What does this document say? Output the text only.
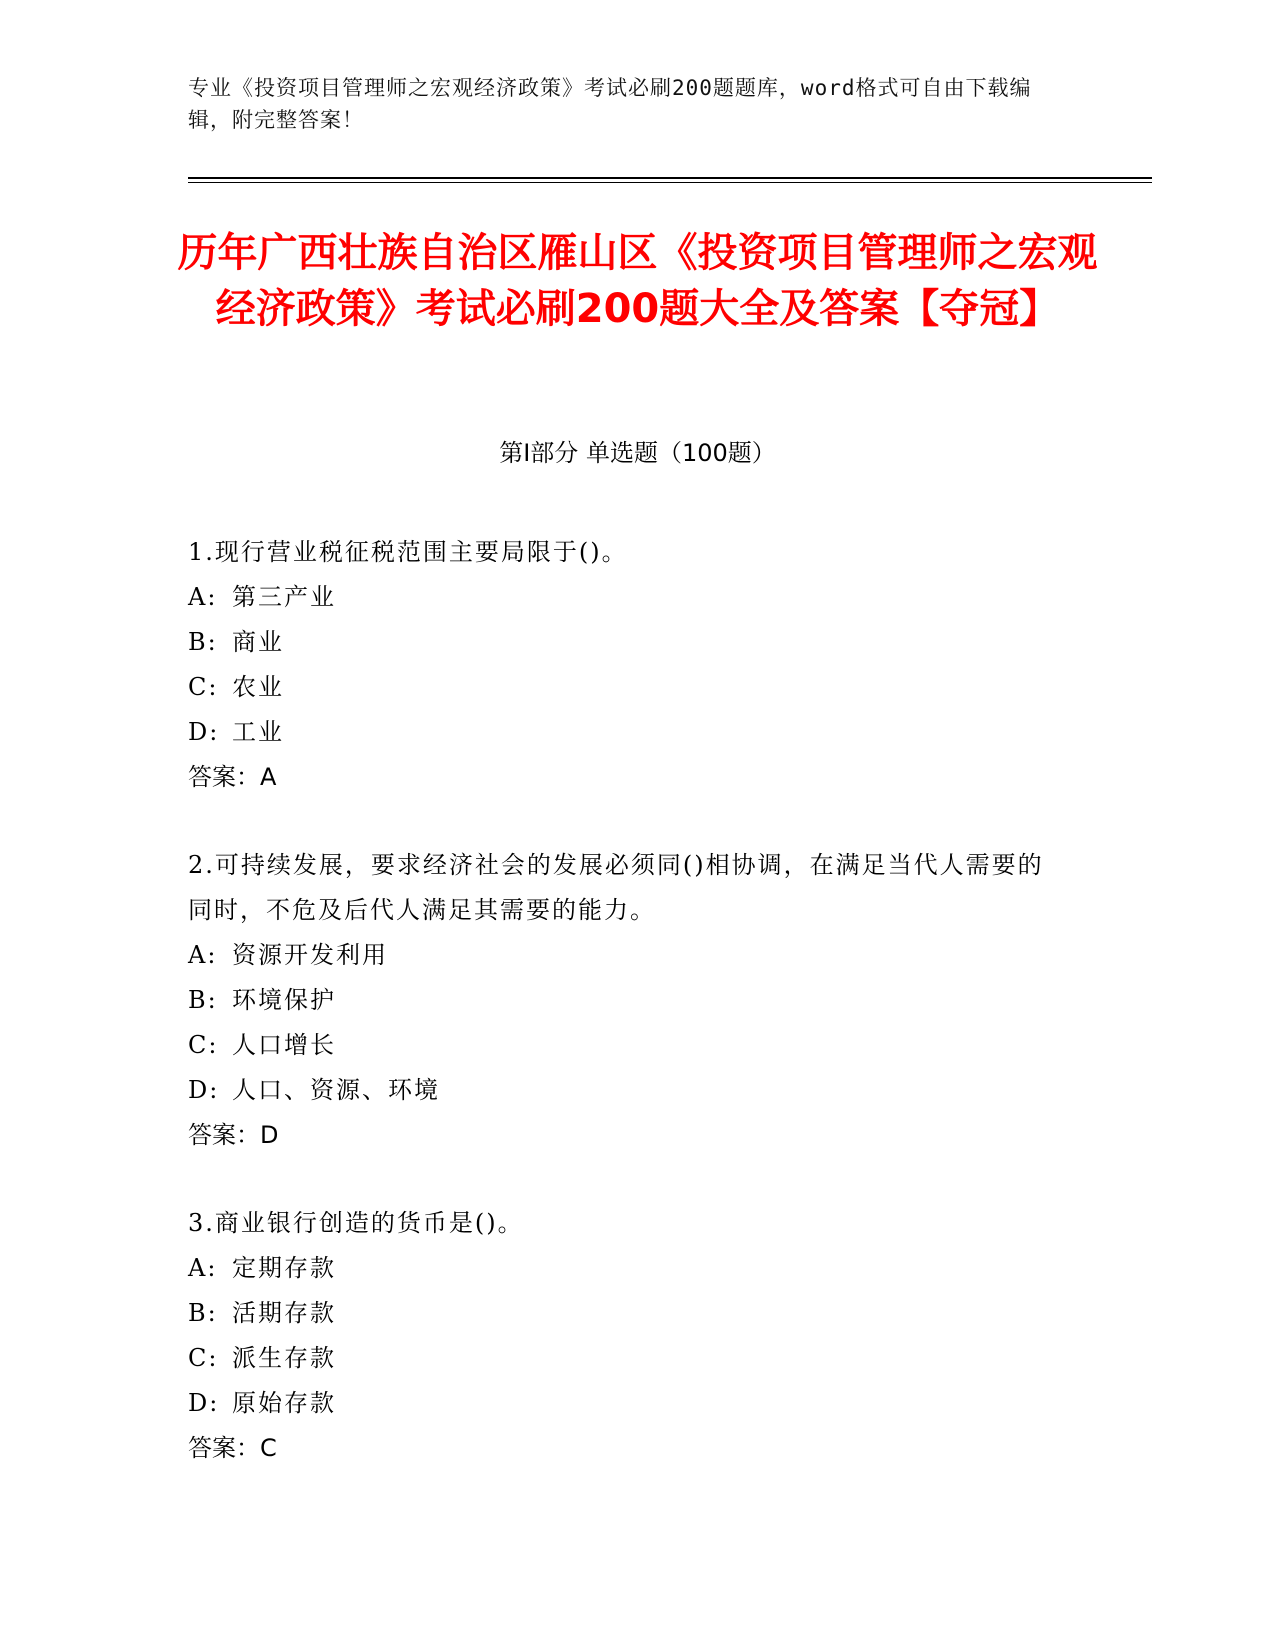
专业《投资项目管理师之宏观经济政策》考试必刷200题题库，word格式可自由下载编辑，附完整答案！
历年广西壮族自治区雁山区《投资项目管理师之宏观经济政策》考试必刷200题大全及答案【夺冠】
第I部分 单选题（100题）

1.现行营业税征税范围主要局限于()。

A: 第三产业
B: 商业
C: 农业
D: 工业
答案：A

2.可持续发展，要求经济社会的发展必须同()相协调，在满足当代人需要的同时，不危及后代人满足其需要的能力。

A: 资源开发利用
B: 环境保护
C: 人口增长
D: 人口、资源、环境
答案：D

3.商业银行创造的货币是()。

A: 定期存款
B: 活期存款
C: 派生存款
D: 原始存款
答案：C
